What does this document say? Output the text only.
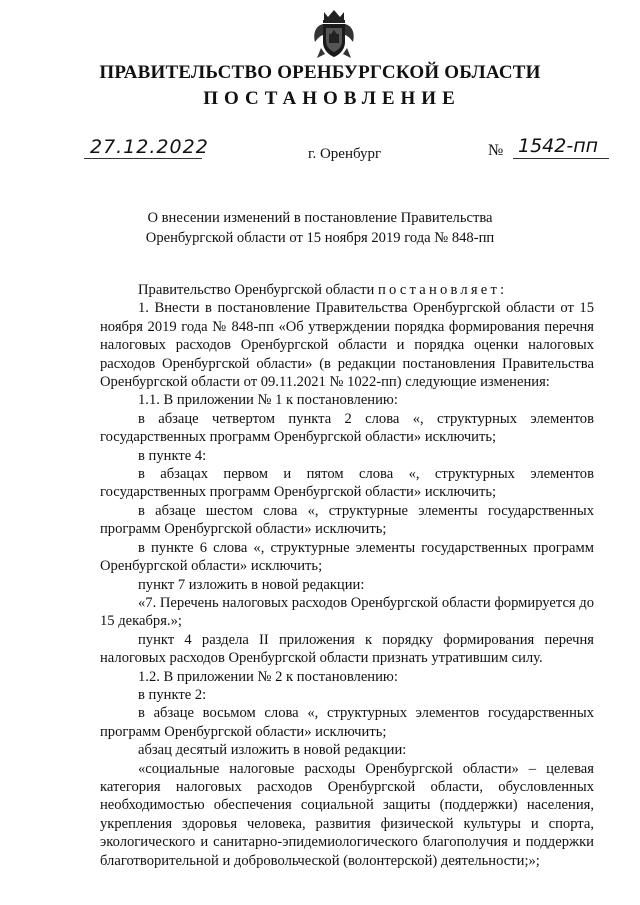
ПРАВИТЕЛЬСТВО ОРЕНБУРГСКОЙ ОБЛАСТИ
ПОСТАНОВЛЕНИЕ
27.12.2022	г. Оренбург	№ 1542-пп
О внесении изменений в постановление Правительства
Оренбургской области от 15 ноября 2019 года № 848-пп

Правительство Оренбургской области постановляет:

1. Внести в постановление Правительства Оренбургской области от 15 ноября 2019 года № 848-пп «Об утверждении порядка формирования перечня налоговых расходов Оренбургской области и порядка оценки налоговых расходов Оренбургской области» (в редакции постановления Правительства Оренбургской области от 09.11.2021 № 1022-пп) следующие изменения:

1.1. В приложении № 1 к постановлению:

в абзаце четвертом пункта 2 слова «, структурных элементов государственных программ Оренбургской области» исключить;

в пункте 4:

в абзацах первом и пятом слова «, структурных элементов государственных программ Оренбургской области» исключить;

в абзаце шестом слова «, структурные элементы государственных программ Оренбургской области» исключить;

в пункте 6 слова «, структурные элементы государственных программ Оренбургской области» исключить;

пункт 7 изложить в новой редакции:

«7. Перечень налоговых расходов Оренбургской области формируется до 15 декабря.»;

пункт 4 раздела II приложения к порядку формирования перечня налоговых расходов Оренбургской области признать утратившим силу.

1.2. В приложении № 2 к постановлению:

в пункте 2:

в абзаце восьмом слова «, структурных элементов государственных программ Оренбургской области» исключить;

абзац десятый изложить в новой редакции:

«социальные налоговые расходы Оренбургской области» – целевая категория налоговых расходов Оренбургской области, обусловленных необходимостью обеспечения социальной защиты (поддержки) населения, укрепления здоровья человека, развития физической культуры и спорта, экологического и санитарно-эпидемиологического благополучия и поддержки благотворительной и добровольческой (волонтерской) деятельности;»;
